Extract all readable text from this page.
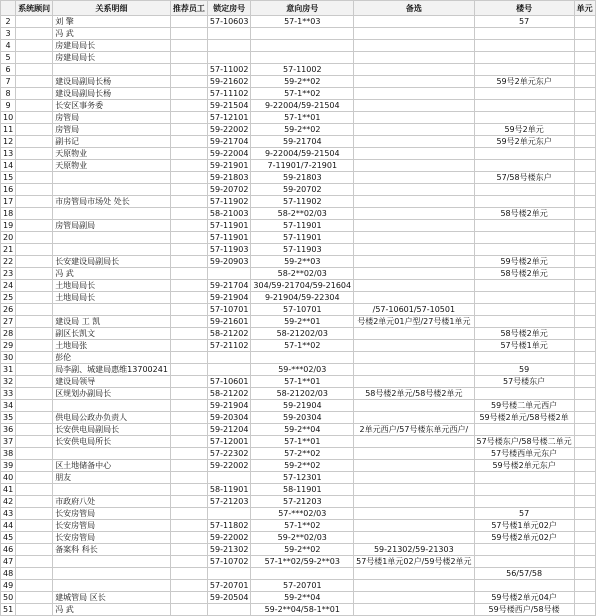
	系统顾问	关系明细	推荐员工	锁定房号	意向房号	备选	楼号	单元
2		刘 擎		57-10603	57-1**03		57	
3		冯 武						
4		房建局局长						
5		房建局局长						
6				57-11002	57-11002			
7		建设局副局长杨		59-21602	59-2**02		59号2单元东户	
8		建设局副局长杨		57-11102	57-1**02			
9		长安区事务委		59-21504	9-22004/59-21504			
10		房管局		57-12101	57-1**01			
11		房管局		59-22002	59-2**02		59号2单元	
12		副书记		59-21704	59-21704		59号2单元东户	
13		天原物业		59-22004	9-22004/59-21504			
14		天原物业		59-21901	7-11901/7-21901			
15				59-21803	59-21803		57/58号楼东户	
16				59-20702	59-20702			
17		市房管局市场处 处长		57-11902	57-11902			
18				58-21003	58-2**02/03		58号楼2单元	
19		房管局副局		57-11901	57-11901			
20				57-11901	57-11901			
21				57-11903	57-11903			
22		长安建设局副局长		59-20903	59-2**03		59号楼2单元	
23		冯 武			58-2**02/03		58号楼2单元	
24		土地局局长		59-21704	304/59-21704/59-21604			
25		土地局局长		59-21904	9-21904/59-22304			
26				57-10701	57-10701	/57-10601/57-10501		
27		建设局 工 凯		59-21601	59-2**01	号楼2单元01户型/27号楼1单元		
28		副区长凯文		58-21202	58-21202/03		58号楼2单元	
29		土地局张		57-21102	57-1**02		57号楼1单元	
30		彭伦						
31		局李副、城建局惠维13700241			59-***02/03		59	
32		建设局领导		57-10601	57-1**01		57号楼东户	
33		区规划办副局长		58-21202	58-21202/03	58号楼2单元/58号楼2单元		
34				59-21904	59-21904		59号楼二单元西户	
35		供电局公政办负责人		59-20304	59-20304		59号楼2单元/58号楼2单	
36		长安供电局副局长		59-21204	59-2**04	2单元西户/57号楼东单元西户/		
37		长安供电局所长		57-12001	57-1**01		57号楼东户/58号楼二单元	
38				57-22302	57-2**02		57号楼西单元东户	
39		区土地储备中心		59-22002	59-2**02		59号楼2单元东户	
40		朋友			57-12301			
41				58-11901	58-11901			
42		市政府八处		57-21203	57-21203			
43		长安房管局			57-***02/03		57	
44		长安房管局		57-11802	57-1**02		57号楼1单元02户	
45		长安房管局		59-22002	59-2**02/03		59号楼2单元02户	
46		备案科 科长		59-21302	59-2**02	59-21302/59-21303		
47				57-10702	57-1**02/59-2**03	57号楼1单元02户/59号楼2单元		
48							56/57/58	
49				57-20701	57-20701			
50		建城管局 区长		59-20504	59-2**04		59号楼2单元04户	
51		冯 武			59-2**04/58-1**01		59号楼西户/58号楼	
